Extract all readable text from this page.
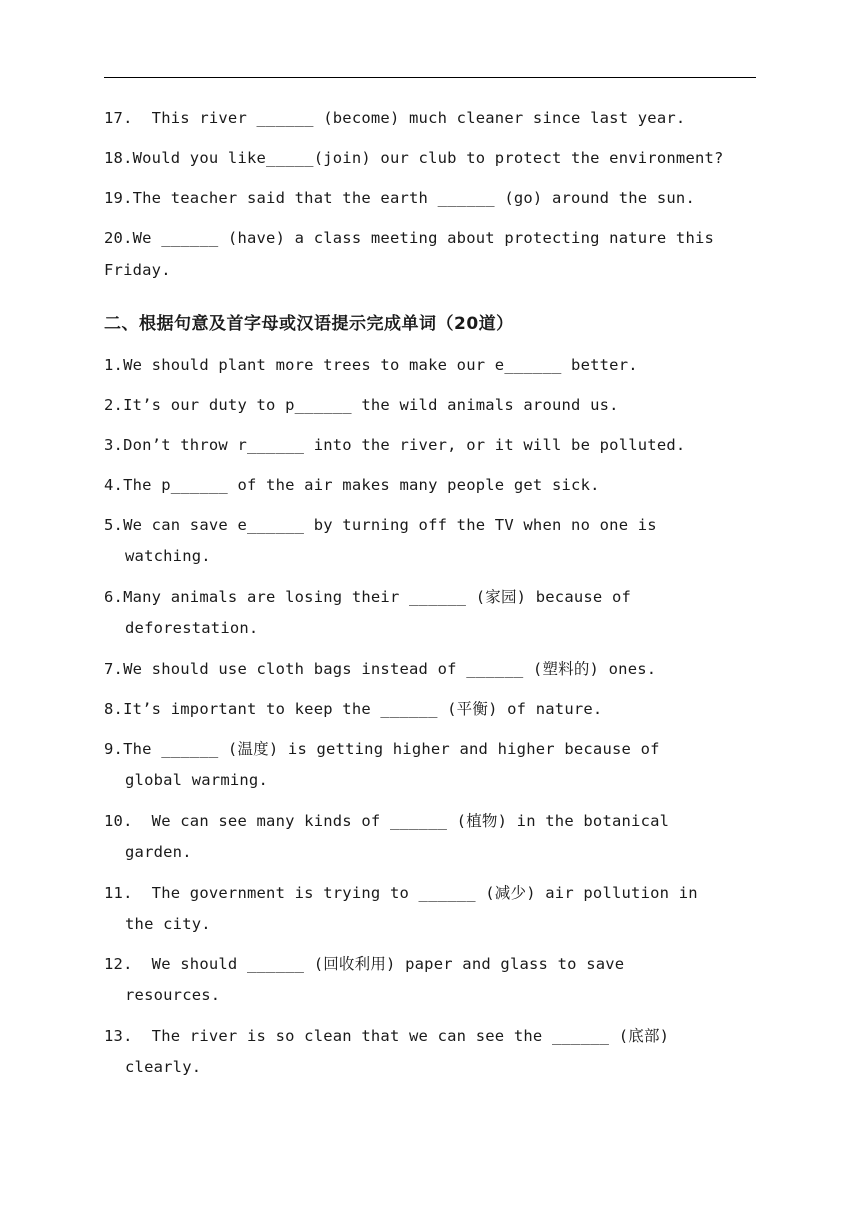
17.  This river ______ (become) much cleaner since last year.
18.Would you like_____(join) our club to protect the environment?
19.The teacher said that the earth ______ (go) around the sun.
20.We ______ (have) a class meeting about protecting nature this
Friday.
二、根据句意及首字母或汉语提示完成单词（20道）
1.We should plant more trees to make our e______ better.
2.It’s our duty to p______ the wild animals around us.
3.Don’t throw r______ into the river, or it will be polluted.
4.The p______ of the air makes many people get sick.
5.We can save e______ by turning off the TV when no one is
watching.
6.Many animals are losing their ______ (家园) because of
deforestation.
7.We should use cloth bags instead of ______ (塑料的) ones.
8.It’s important to keep the ______ (平衡) of nature.
9.The ______ (温度) is getting higher and higher because of
global warming.
10.  We can see many kinds of ______ (植物) in the botanical
garden.
11.  The government is trying to ______ (减少) air pollution in
the city.
12.  We should ______ (回收利用) paper and glass to save
resources.
13.  The river is so clean that we can see the ______ (底部)
clearly.
